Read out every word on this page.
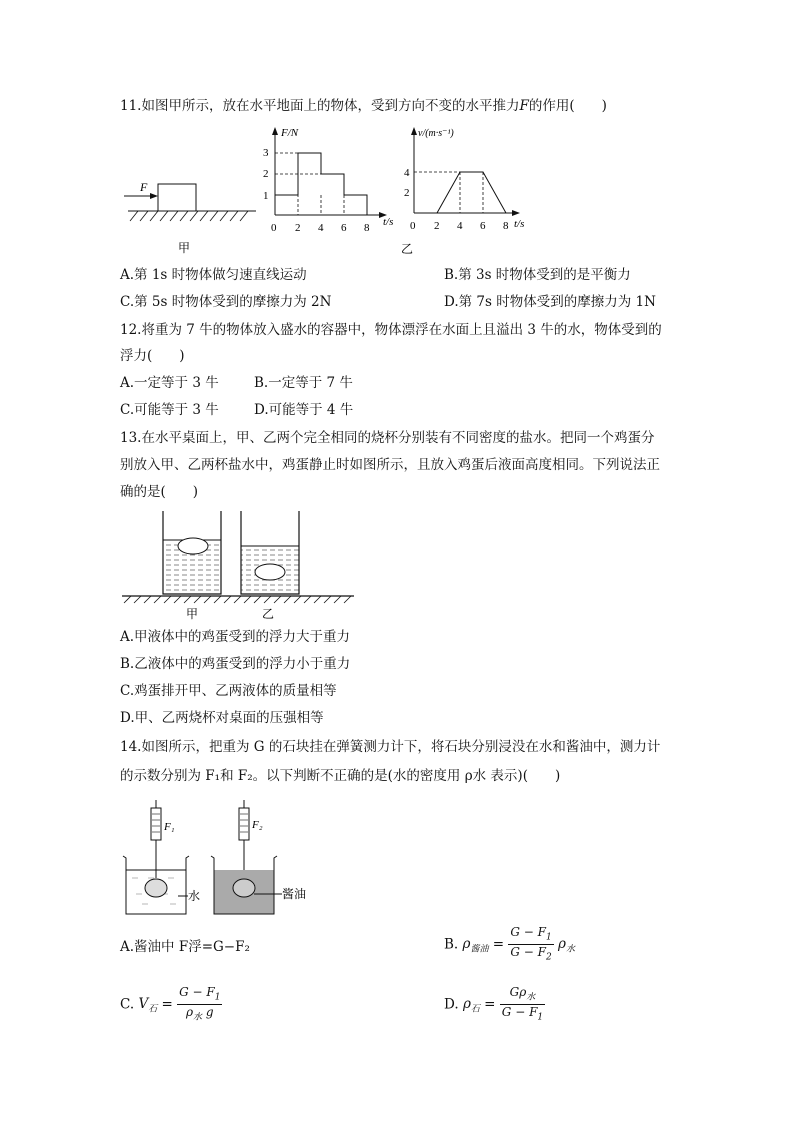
11.如图甲所示，放在水平地面上的物体，受到方向不变的水平推力F的作用(　　)
F
甲
F/N
t/s
0 2 4 6 8
1
2
3
v/(m·s⁻¹)
t/s
0 2 4 6 8
2
4
乙
A.第 1s 时物体做匀速直线运动	B.第 3s 时物体受到的是平衡力
C.第 5s 时物体受到的摩擦力为 2N	D.第 7s 时物体受到的摩擦力为 1N
12.将重为 7 牛的物体放入盛水的容器中，物体漂浮在水面上且溢出 3 牛的水，物体受到的
浮力(　　)
A.一定等于 3 牛	B.一定等于 7 牛
C.可能等于 3 牛	D.可能等于 4 牛
13.在水平桌面上，甲、乙两个完全相同的烧杯分别装有不同密度的盐水。把同一个鸡蛋分
别放入甲、乙两杯盐水中，鸡蛋静止时如图所示，且放入鸡蛋后液面高度相同。下列说法正
确的是(　　)
甲	乙
A.甲液体中的鸡蛋受到的浮力大于重力
B.乙液体中的鸡蛋受到的浮力小于重力
C.鸡蛋排开甲、乙两液体的质量相等
D.甲、乙两烧杯对桌面的压强相等
14.如图所示，把重为 G 的石块挂在弹簧测力计下，将石块分别浸没在水和酱油中，测力计
的示数分别为 F₁和 F₂。以下判断不正确的是(水的密度用 ρ水 表示)(　　)
F₁
水
F₂
酱油
A.酱油中 F浮=G−F₂	B. $\rho_{酱油} = \frac{G - F_1}{G - F_2} \rho_水$
C. $V_石 = \frac{G - F_1}{\rho_水 g}$	D. $\rho_石 = \frac{G\rho_水}{G - F_1}$
